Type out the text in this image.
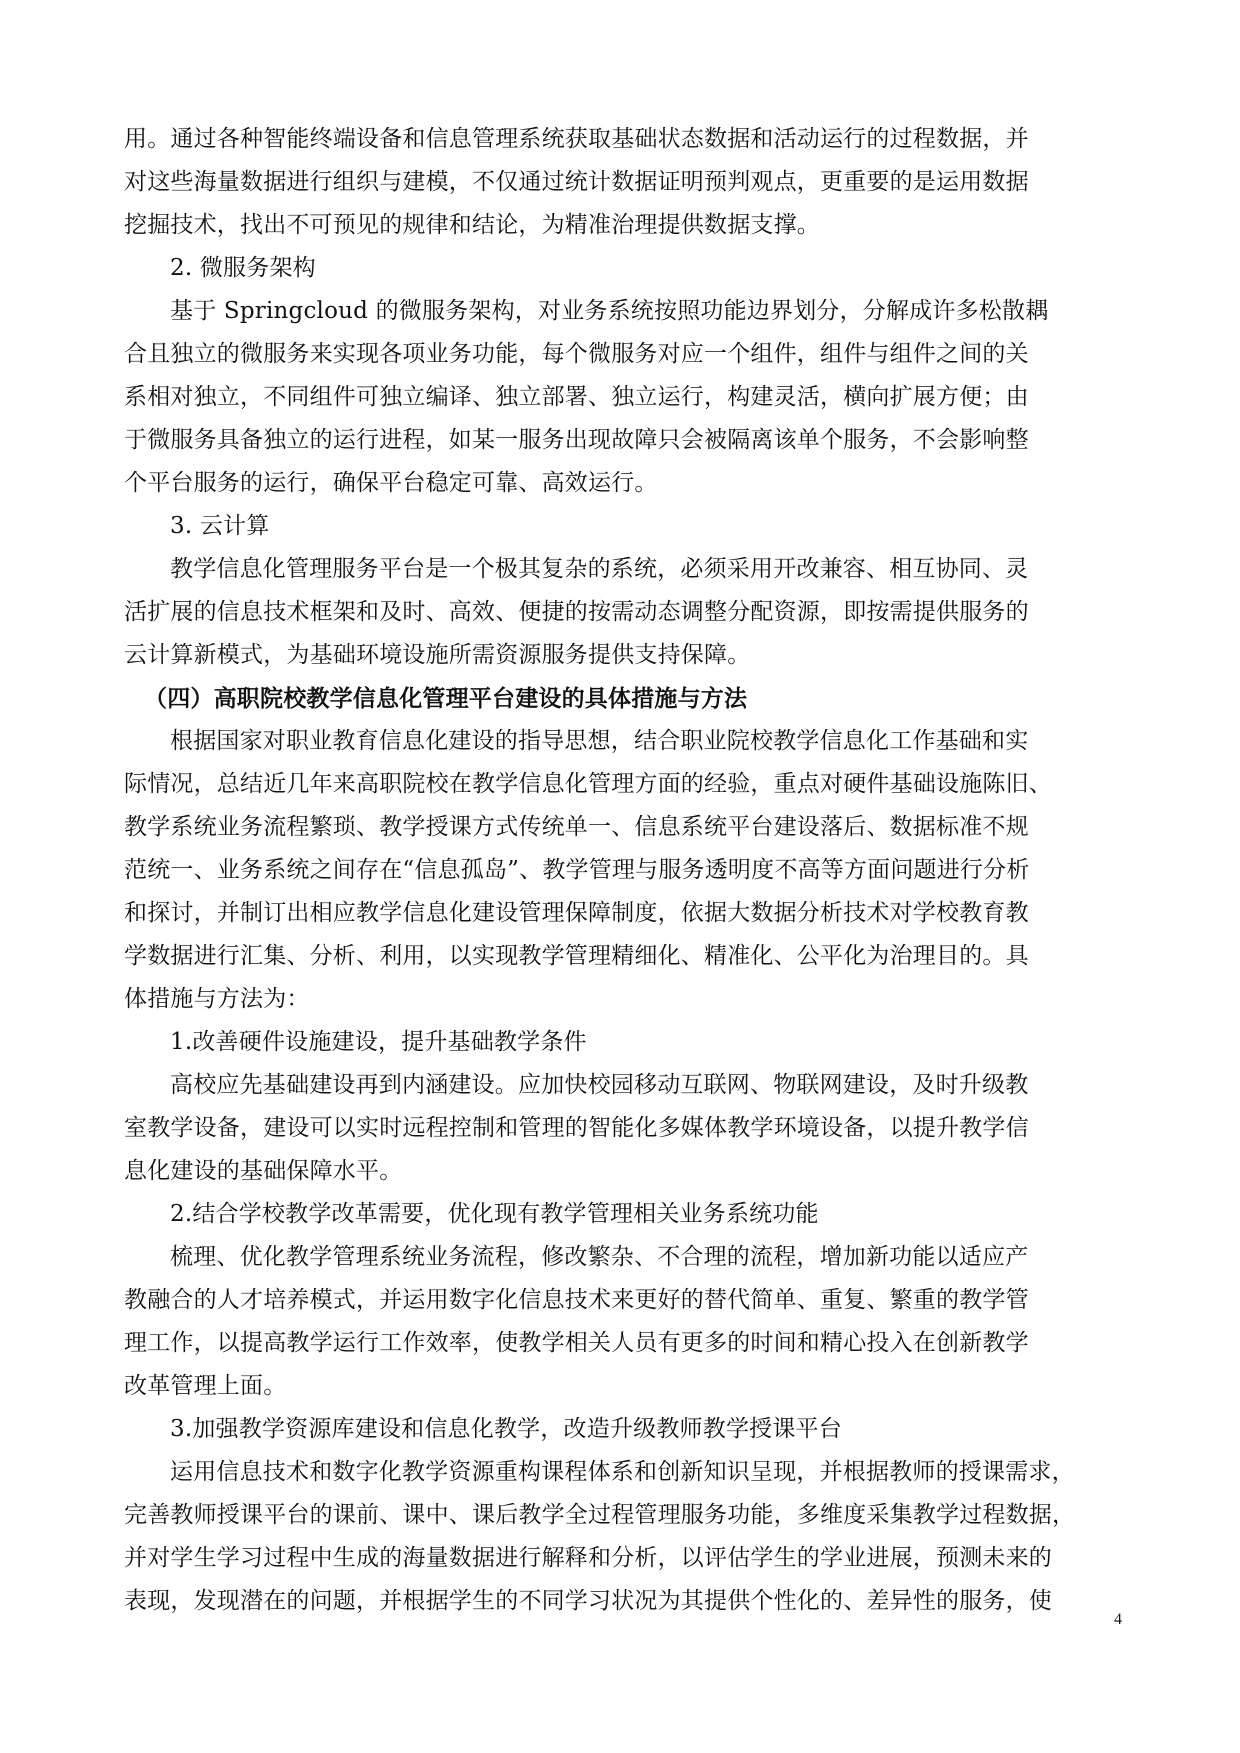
用。通过各种智能终端设备和信息管理系统获取基础状态数据和活动运行的过程数据，并
对这些海量数据进行组织与建模，不仅通过统计数据证明预判观点，更重要的是运用数据
挖掘技术，找出不可预见的规律和结论，为精准治理提供数据支撑。
2. 微服务架构
基于 Springcloud 的微服务架构，对业务系统按照功能边界划分，分解成许多松散耦
合且独立的微服务来实现各项业务功能，每个微服务对应一个组件，组件与组件之间的关
系相对独立，不同组件可独立编译、独立部署、独立运行，构建灵活，横向扩展方便；由
于微服务具备独立的运行进程，如某一服务出现故障只会被隔离该单个服务，不会影响整
个平台服务的运行，确保平台稳定可靠、高效运行。
3. 云计算
教学信息化管理服务平台是一个极其复杂的系统，必须采用开改兼容、相互协同、灵
活扩展的信息技术框架和及时、高效、便捷的按需动态调整分配资源，即按需提供服务的
云计算新模式，为基础环境设施所需资源服务提供支持保障。
（四）高职院校教学信息化管理平台建设的具体措施与方法
根据国家对职业教育信息化建设的指导思想，结合职业院校教学信息化工作基础和实
际情况，总结近几年来高职院校在教学信息化管理方面的经验，重点对硬件基础设施陈旧、
教学系统业务流程繁琐、教学授课方式传统单一、信息系统平台建设落后、数据标准不规
范统一、业务系统之间存在“信息孤岛”、教学管理与服务透明度不高等方面问题进行分析
和探讨，并制订出相应教学信息化建设管理保障制度，依据大数据分析技术对学校教育教
学数据进行汇集、分析、利用，以实现教学管理精细化、精准化、公平化为治理目的。具
体措施与方法为：
1.改善硬件设施建设，提升基础教学条件
高校应先基础建设再到内涵建设。应加快校园移动互联网、物联网建设，及时升级教
室教学设备，建设可以实时远程控制和管理的智能化多媒体教学环境设备，以提升教学信
息化建设的基础保障水平。
2.结合学校教学改革需要，优化现有教学管理相关业务系统功能
梳理、优化教学管理系统业务流程，修改繁杂、不合理的流程，增加新功能以适应产
教融合的人才培养模式，并运用数字化信息技术来更好的替代简单、重复、繁重的教学管
理工作，以提高教学运行工作效率，使教学相关人员有更多的时间和精心投入在创新教学
改革管理上面。
3.加强教学资源库建设和信息化教学，改造升级教师教学授课平台
运用信息技术和数字化教学资源重构课程体系和创新知识呈现，并根据教师的授课需求，
完善教师授课平台的课前、课中、课后教学全过程管理服务功能，多维度采集教学过程数据，
并对学生学习过程中生成的海量数据进行解释和分析，以评估学生的学业进展，预测未来的
表现，发现潜在的问题，并根据学生的不同学习状况为其提供个性化的、差异性的服务，使
4
